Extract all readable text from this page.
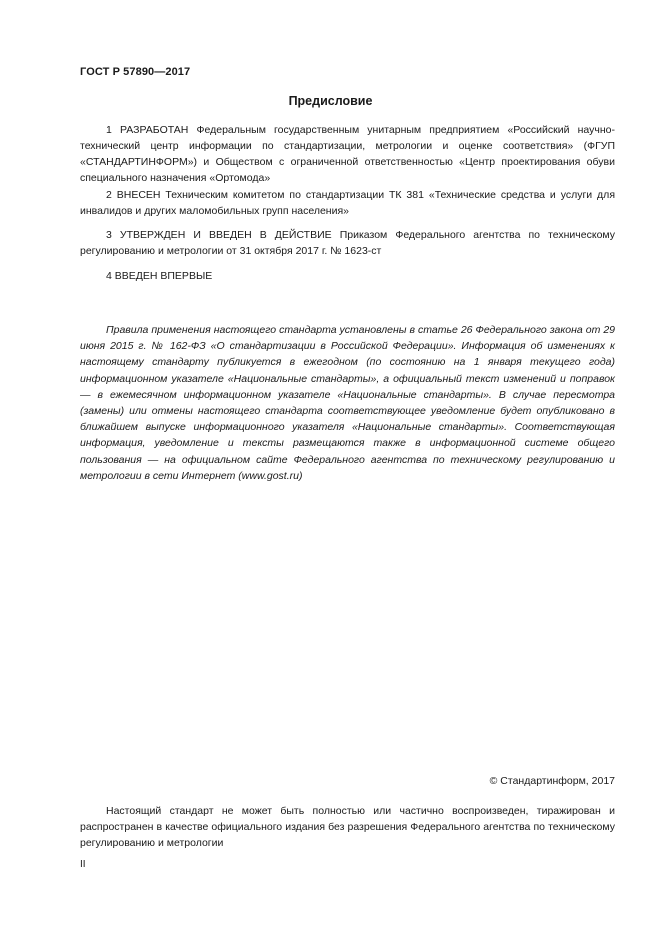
ГОСТ Р 57890—2017
Предисловие

1 РАЗРАБОТАН Федеральным государственным унитарным предприятием «Российский научно-технический центр информации по стандартизации, метрологии и оценке соответствия» (ФГУП «СТАНДАРТИНФОРМ») и Обществом с ограниченной ответственностью «Центр проектирования обуви специального назначения «Ортомода»

2 ВНЕСЕН Техническим комитетом по стандартизации ТК 381 «Технические средства и услуги для инвалидов и других маломобильных групп населения»

3 УТВЕРЖДЕН И ВВЕДЕН В ДЕЙСТВИЕ Приказом Федерального агентства по техническому регулированию и метрологии от 31 октября 2017 г. № 1623-ст

4 ВВЕДЕН ВПЕРВЫЕ

Правила применения настоящего стандарта установлены в статье 26 Федерального закона от 29 июня 2015 г. № 162-ФЗ «О стандартизации в Российской Федерации». Информация об изменениях к настоящему стандарту публикуется в ежегодном (по состоянию на 1 января текущего года) информационном указателе «Национальные стандарты», а официальный текст изменений и поправок — в ежемесячном информационном указателе «Национальные стандарты». В случае пересмотра (замены) или отмены настоящего стандарта соответствующее уведомление будет опубликовано в ближайшем выпуске информационного указателя «Национальные стандарты». Соответствующая информация, уведомление и тексты размещаются также в информационной системе общего пользования — на официальном сайте Федерального агентства по техническому регулированию и метрологии в сети Интернет (www.gost.ru)

© Стандартинформ, 2017

Настоящий стандарт не может быть полностью или частично воспроизведен, тиражирован и распространен в качестве официального издания без разрешения Федерального агентства по техническому регулированию и метрологии

II
